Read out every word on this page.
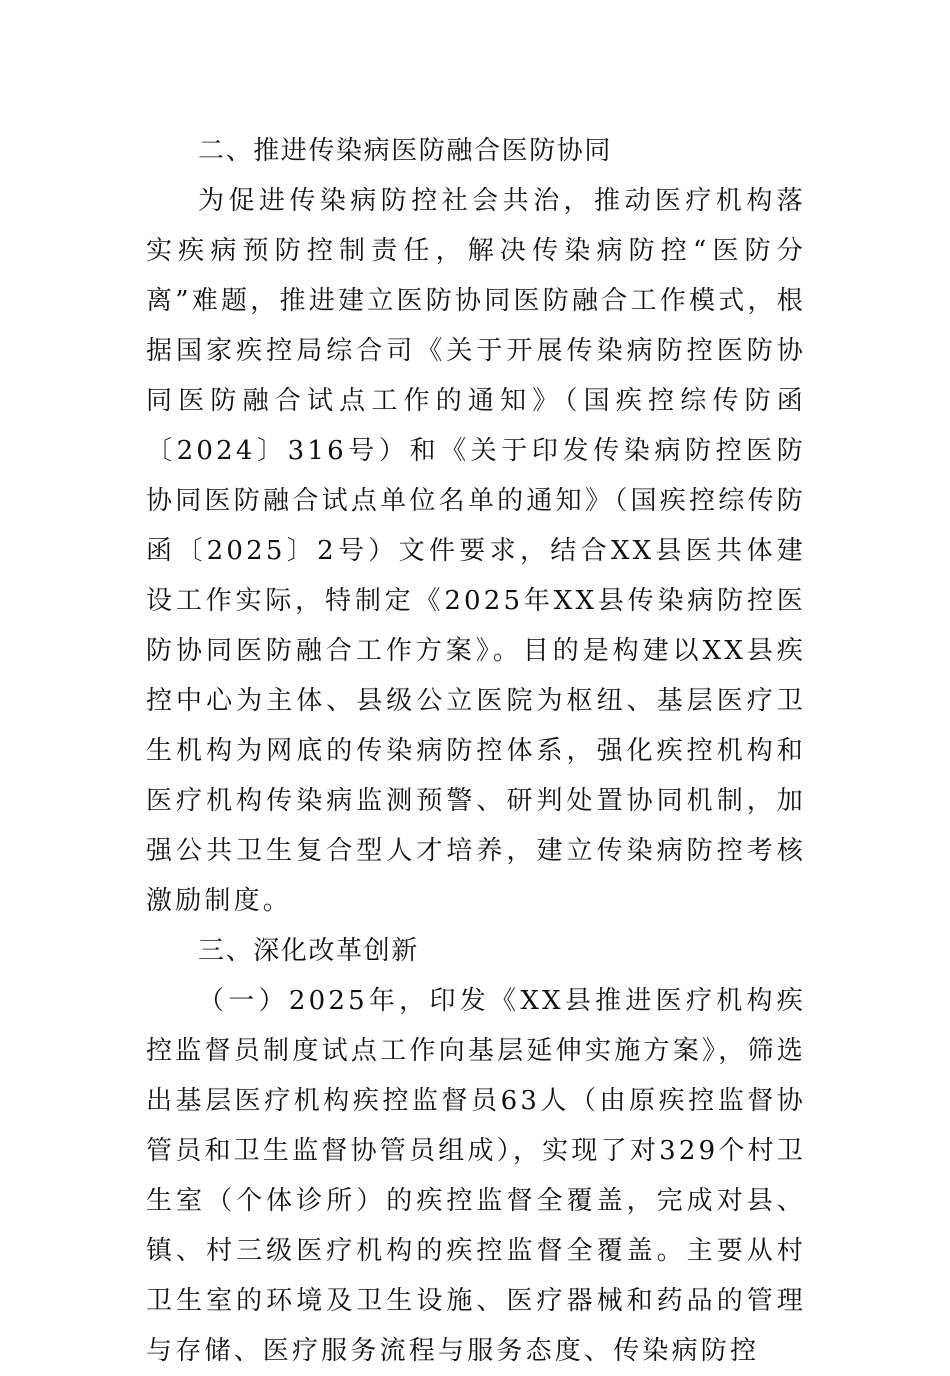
二、推进传染病医防融合医防协同

为促进传染病防控社会共治，推动医疗机构落实疾病预防控制责任，解决传染病防控“医防分离”难题，推进建立医防协同医防融合工作模式，根据国家疾控局综合司《关于开展传染病防控医防协同医防融合试点工作的通知》（国疾控综传防函〔2024〕316号）和《关于印发传染病防控医防协同医防融合试点单位名单的通知》（国疾控综传防函〔2025〕2号）文件要求，结合XX县医共体建设工作实际，特制定《2025年XX县传染病防控医防协同医防融合工作方案》。目的是构建以XX县疾控中心为主体、县级公立医院为枢纽、基层医疗卫生机构为网底的传染病防控体系，强化疾控机构和医疗机构传染病监测预警、研判处置协同机制，加强公共卫生复合型人才培养，建立传染病防控考核激励制度。

三、深化改革创新

（一）2025年，印发《XX县推进医疗机构疾控监督员制度试点工作向基层延伸实施方案》，筛选出基层医疗机构疾控监督员63人（由原疾控监督协管员和卫生监督协管员组成），实现了对329个村卫生室（个体诊所）的疾控监督全覆盖，完成对县、镇、村三级医疗机构的疾控监督全覆盖。主要从村卫生室的环境及卫生设施、医疗器械和药品的管理与存储、医疗服务流程与服务态度、传染病防控
